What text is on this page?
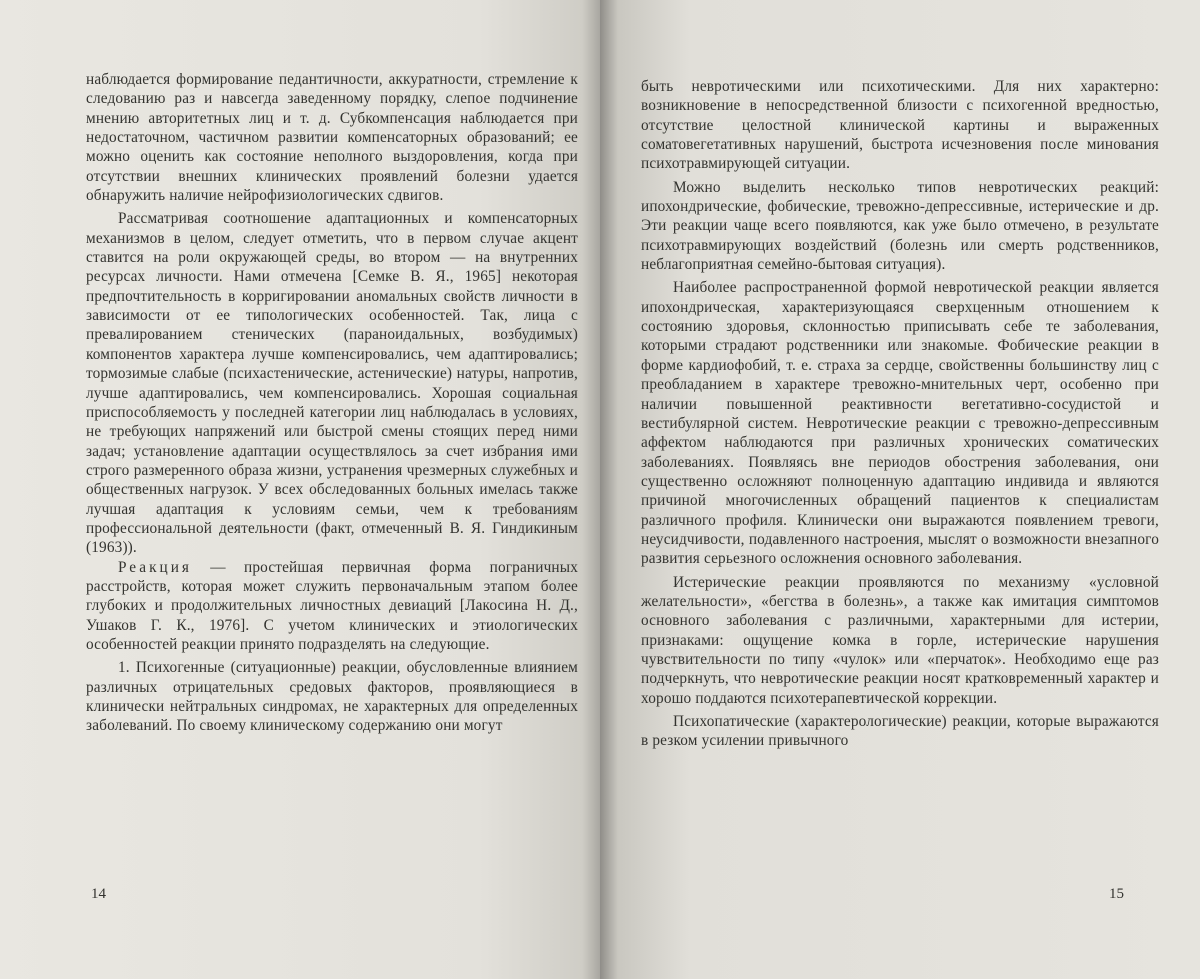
наблюдается формирование педантичности, аккуратности, стремление к следованию раз и навсегда заведенному порядку, слепое подчинение мнению авторитетных лиц и т. д. Субкомпенсация наблюдается при недостаточном, частичном развитии компенсаторных образований; ее можно оценить как состояние неполного выздоровления, когда при отсутствии внешних клинических проявлений болезни удается обнаружить наличие нейрофизиологических сдвигов.

Рассматривая соотношение адаптационных и компенсаторных механизмов в целом, следует отметить, что в первом случае акцент ставится на роли окружающей среды, во втором — на внутренних ресурсах личности. Нами отмечена [Семке В. Я., 1965] некоторая предпочтительность в корригировании аномальных свойств личности в зависимости от ее типологических особенностей. Так, лица с превалированием стенических (параноидальных, возбудимых) компонентов характера лучше компенсировались, чем адаптировались; тормозимые слабые (психастенические, астенические) натуры, напротив, лучше адаптировались, чем компенсировались. Хорошая социальная приспособляемость у последней категории лиц наблюдалась в условиях, не требующих напряжений или быстрой смены стоящих перед ними задач; установление адаптации осуществлялось за счет избрания ими строго размеренного образа жизни, устранения чрезмерных служебных и общественных нагрузок. У всех обследованных больных имелась также лучшая адаптация к условиям семьи, чем к требованиям профессиональной деятельности (факт, отмеченный В. Я. Гиндикиным (1963)).

Реакция — простейшая первичная форма пограничных расстройств, которая может служить первоначальным этапом более глубоких и продолжительных личностных девиаций [Лакосина Н. Д., Ушаков Г. К., 1976]. С учетом клинических и этиологических особенностей реакции принято подразделять на следующие.

1. Психогенные (ситуационные) реакции, обусловленные влиянием различных отрицательных средовых факторов, проявляющиеся в клинически нейтральных синдромах, не характерных для определенных заболеваний. По своему клиническому содержанию они могут

14

быть невротическими или психотическими. Для них характерно: возникновение в непосредственной близости с психогенной вредностью, отсутствие целостной клинической картины и выраженных соматовегетативных нарушений, быстрота исчезновения после минования психотравмирующей ситуации.

Можно выделить несколько типов невротических реакций: ипохондрические, фобические, тревожно-депрессивные, истерические и др. Эти реакции чаще всего появляются, как уже было отмечено, в результате психотравмирующих воздействий (болезнь или смерть родственников, неблагоприятная семейно-бытовая ситуация).

Наиболее распространенной формой невротической реакции является ипохондрическая, характеризующаяся сверхценным отношением к состоянию здоровья, склонностью приписывать себе те заболевания, которыми страдают родственники или знакомые. Фобические реакции в форме кардиофобий, т. е. страха за сердце, свойственны большинству лиц с преобладанием в характере тревожно-мнительных черт, особенно при наличии повышенной реактивности вегетативно-сосудистой и вестибулярной систем. Невротические реакции с тревожно-депрессивным аффектом наблюдаются при различных хронических соматических заболеваниях. Появляясь вне периодов обострения заболевания, они существенно осложняют полноценную адаптацию индивида и являются причиной многочисленных обращений пациентов к специалистам различного профиля. Клинически они выражаются появлением тревоги, неусидчивости, подавленного настроения, мыслят о возможности внезапного развития серьезного осложнения основного заболевания.

Истерические реакции проявляются по механизму «условной желательности», «бегства в болезнь», а также как имитация симптомов основного заболевания с различными, характерными для истерии, признаками: ощущение комка в горле, истерические нарушения чувствительности по типу «чулок» или «перчаток». Необходимо еще раз подчеркнуть, что невротические реакции носят кратковременный характер и хорошо поддаются психотерапевтической коррекции.

Психопатические (характерологические) реакции, которые выражаются в резком усилении привычного

15
